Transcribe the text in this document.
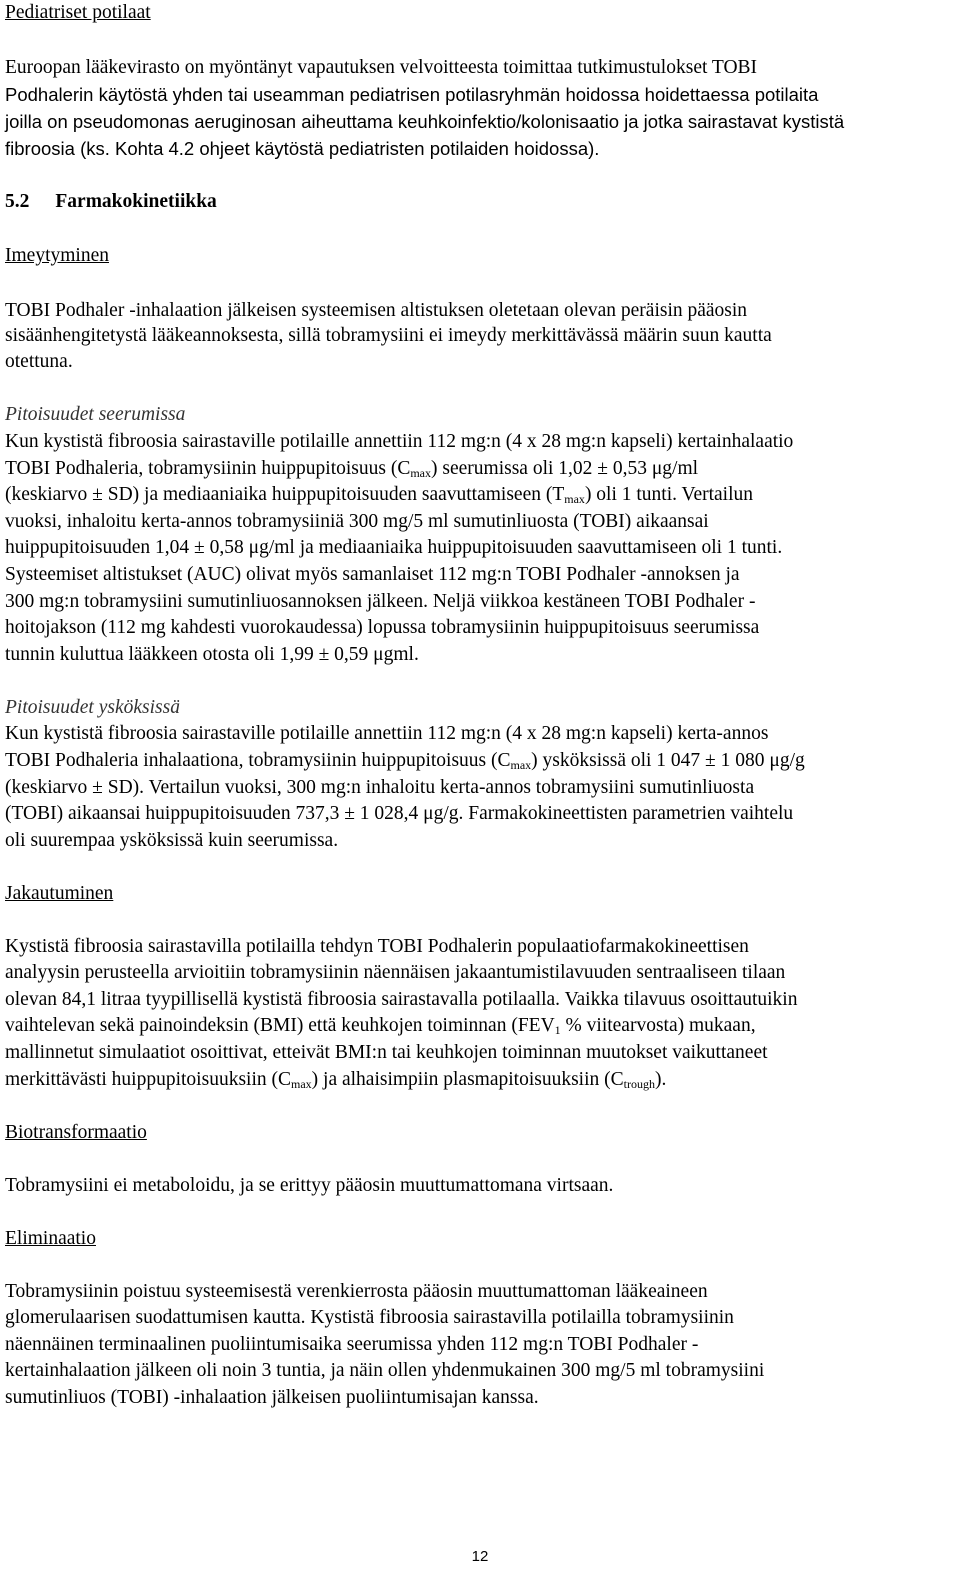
Pediatriset potilaat
Euroopan lääkevirasto on myöntänyt vapautuksen velvoitteesta toimittaa tutkimustulokset TOBI
Podhalerin käytöstä yhden tai useamman pediatrisen potilasryhmän hoidossa hoidettaessa potilaita
joilla on pseudomonas aeruginosan aiheuttama keuhkoinfektio/kolonisaatio ja jotka sairastavat kystistä
fibroosia (ks. Kohta 4.2 ohjeet käytöstä pediatristen potilaiden hoidossa).
5.2 Farmakokinetiikka
Imeytyminen
TOBI Podhaler -inhalaation jälkeisen systeemisen altistuksen oletetaan olevan peräisin pääosin
sisäänhengitetystä lääkeannoksesta, sillä tobramysiini ei imeydy merkittävässä määrin suun kautta
otettuna.
Pitoisuudet seerumissa
Kun kystistä fibroosia sairastaville potilaille annettiin 112 mg:n (4 x 28 mg:n kapseli) kertainhalaatio
TOBI Podhaleria, tobramysiinin huippupitoisuus $(C_{max})$ seerumissa oli 1,02 ± 0,53 μg/ml
(keskiarvo ± SD) ja mediaaniaika huippupitoisuuden saavuttamiseen $(T_{max})$ oli 1 tunti. Vertailun
vuoksi, inhaloitu kerta-annos tobramysiiniä 300 mg/5 ml sumutinliuosta (TOBI) aikaansai
huippupitoisuuden 1,04 ± 0,58 μg/ml ja mediaaniaika huippupitoisuuden saavuttamiseen oli 1 tunti.
Systeemiset altistukset (AUC) olivat myös samanlaiset 112 mg:n TOBI Podhaler -annoksen ja
300 mg:n tobramysiini sumutinliuosannoksen jälkeen. Neljä viikkoa kestäneen TOBI Podhaler -
hoitojakson (112 mg kahdesti vuorokaudessa) lopussa tobramysiinin huippupitoisuus seerumissa
tunnin kuluttua lääkkeen otosta oli 1,99 ± 0,59 μgml.
Pitoisuudet ysköksissä
Kun kystistä fibroosia sairastaville potilaille annettiin 112 mg:n (4 x 28 mg:n kapseli) kerta-annos
TOBI Podhaleria inhalaationa, tobramysiinin huippupitoisuus $(C_{max})$ ysköksissä oli 1 047 ± 1 080 μg/g
(keskiarvo ± SD). Vertailun vuoksi, 300 mg:n inhaloitu kerta-annos tobramysiini sumutinliuosta
(TOBI) aikaansai huippupitoisuuden 737,3 ± 1 028,4 μg/g. Farmakokineettisten parametrien vaihtelu
oli suurempaa ysköksissä kuin seerumissa.
Jakautuminen
Kystistä fibroosia sairastavilla potilailla tehdyn TOBI Podhalerin populaatiofarmakokineettisen
analyysin perusteella arvioitiin tobramysiinin näennäisen jakaantumistilavuuden sentraaliseen tilaan
olevan 84,1 litraa tyypillisellä kystistä fibroosia sairastavalla potilaalla. Vaikka tilavuus osoittautuikin
vaihtelevan sekä painoindeksin (BMI) että keuhkojen toiminnan ($FEV_1$ % viitearvosta) mukaan,
mallinnetut simulaatiot osoittivat, etteivät BMI:n tai keuhkojen toiminnan muutokset vaikuttaneet
merkittävästi huippupitoisuuksiin $(C_{max})$ ja alhaisimpiin plasmapitoisuuksiin $(C_{trough})$.
Biotransformaatio
Tobramysiini ei metaboloidu, ja se erittyy pääosin muuttumattomana virtsaan.
Eliminaatio
Tobramysiinin poistuu systeemisestä verenkierrosta pääosin muuttumattoman lääkeaineen
glomerulaarisen suodattumisen kautta. Kystistä fibroosia sairastavilla potilailla tobramysiinin
näennäinen terminaalinen puoliintumisaika seerumissa yhden 112 mg:n TOBI Podhaler -
kertainhalaation jälkeen oli noin 3 tuntia, ja näin ollen yhdenmukainen 300 mg/5 ml tobramysiini
sumutinliuos (TOBI) -inhalaation jälkeisen puoliintumisajan kanssa.
12
